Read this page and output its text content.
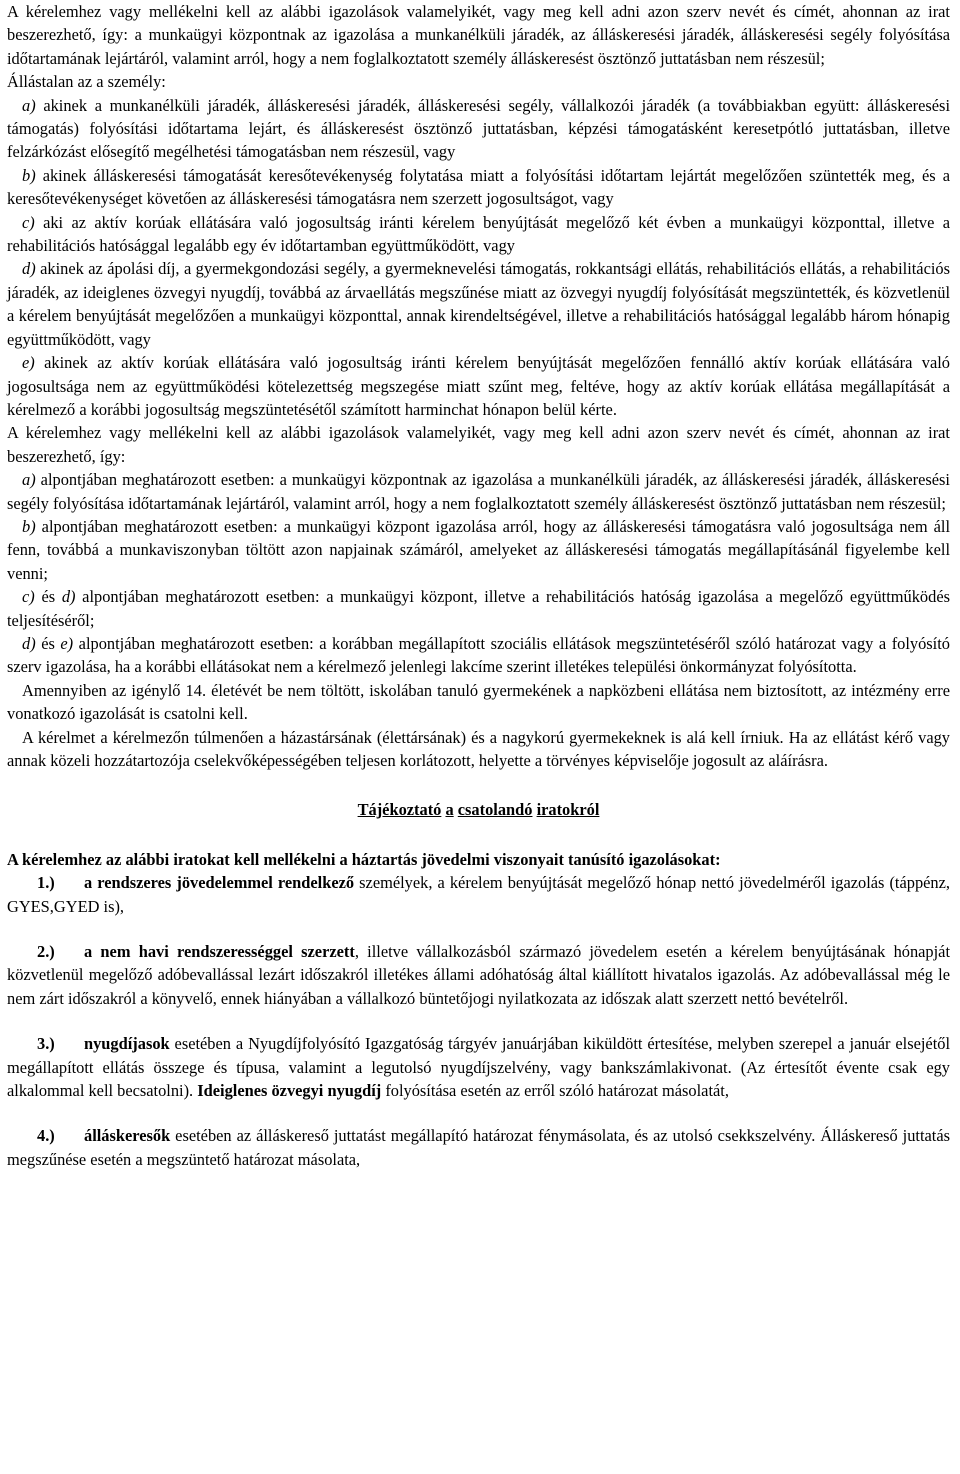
A kérelemhez vagy mellékelni kell az alábbi igazolások valamelyikét, vagy meg kell adni azon szerv nevét és címét, ahonnan az irat beszerezhető, így: a munkaügyi központnak az igazolása a munkanélküli járadék, az álláskeresési járadék, álláskeresési segély folyósítása időtartamának lejártáról, valamint arról, hogy a nem foglalkoztatott személy álláskeresést ösztönző juttatásban nem részesül;

Állástalan az a személy:

a) akinek a munkanélküli járadék, álláskeresési járadék, álláskeresési segély, vállalkozói járadék (a továbbiakban együtt: álláskeresési támogatás) folyósítási időtartama lejárt, és álláskeresést ösztönző juttatásban, képzési támogatásként keresetpótló juttatásban, illetve felzárkózást elősegítő megélhetési támogatásban nem részesül, vagy

b) akinek álláskeresési támogatását keresőtevékenység folytatása miatt a folyósítási időtartam lejártát megelőzően szüntették meg, és a keresőtevékenységet követően az álláskeresési támogatásra nem szerzett jogosultságot, vagy

c) aki az aktív korúak ellátására való jogosultság iránti kérelem benyújtását megelőző két évben a munkaügyi központtal, illetve a rehabilitációs hatósággal legalább egy év időtartamban együttműködött, vagy

d) akinek az ápolási díj, a gyermekgondozási segély, a gyermeknevelési támogatás, rokkantsági ellátás, rehabilitációs ellátás, a rehabilitációs járadék, az ideiglenes özvegyi nyugdíj, továbbá az árvaellátás megszűnése miatt az özvegyi nyugdíj folyósítását megszüntették, és közvetlenül a kérelem benyújtását megelőzően a munkaügyi központtal, annak kirendeltségével, illetve a rehabilitációs hatósággal legalább három hónapig együttműködött, vagy

e) akinek az aktív korúak ellátására való jogosultság iránti kérelem benyújtását megelőzően fennálló aktív korúak ellátására való jogosultsága nem az együttműködési kötelezettség megszegése miatt szűnt meg, feltéve, hogy az aktív korúak ellátása megállapítását a kérelmező a korábbi jogosultság megszüntetésétől számított harminchat hónapon belül kérte.

A kérelemhez vagy mellékelni kell az alábbi igazolások valamelyikét, vagy meg kell adni azon szerv nevét és címét, ahonnan az irat beszerezhető, így:

a) alpontjában meghatározott esetben: a munkaügyi központnak az igazolása a munkanélküli járadék, az álláskeresési járadék, álláskeresési segély folyósítása időtartamának lejártáról, valamint arról, hogy a nem foglalkoztatott személy álláskeresést ösztönző juttatásban nem részesül;

b) alpontjában meghatározott esetben: a munkaügyi központ igazolása arról, hogy az álláskeresési támogatásra való jogosultsága nem áll fenn, továbbá a munkaviszonyban töltött azon napjainak számáról, amelyeket az álláskeresési támogatás megállapításánál figyelembe kell venni;

c) és d) alpontjában meghatározott esetben: a munkaügyi központ, illetve a rehabilitációs hatóság igazolása a megelőző együttműködés teljesítéséről;

d) és e) alpontjában meghatározott esetben: a korábban megállapított szociális ellátások megszüntetéséről szóló határozat vagy a folyósító szerv igazolása, ha a korábbi ellátásokat nem a kérelmező jelenlegi lakcíme szerint illetékes települési önkormányzat folyósította.

Amennyiben az igénylő 14. életévét be nem töltött, iskolában tanuló gyermekének a napközbeni ellátása nem biztosított, az intézmény erre vonatkozó igazolását is csatolni kell.

A kérelmet a kérelmezőn túlmenően a házastársának (élettársának) és a nagykorú gyermekeknek is alá kell írniuk. Ha az ellátást kérő vagy annak közeli hozzátartozója cselekvőképességében teljesen korlátozott, helyette a törvényes képviselője jogosult az aláírásra.

Tájékoztató a csatolandó iratokról

A kérelemhez az alábbi iratokat kell mellékelni a háztartás jövedelmi viszonyait tanúsító igazolásokat:

1.) a rendszeres jövedelemmel rendelkező személyek, a kérelem benyújtását megelőző hónap nettó jövedelméről igazolás (táppénz, GYES,GYED is),

2.) a nem havi rendszerességgel szerzett, illetve vállalkozásból származó jövedelem esetén a kérelem benyújtásának hónapját közvetlenül megelőző adóbevallással lezárt időszakról illetékes állami adóhatóság által kiállított hivatalos igazolás. Az adóbevallással még le nem zárt időszakról a könyvelő, ennek hiányában a vállalkozó büntetőjogi nyilatkozata az időszak alatt szerzett nettó bevételről.

3.) nyugdíjasok esetében a Nyugdíjfolyósító Igazgatóság tárgyév januárjában kiküldött értesítése, melyben szerepel a január elsejétől megállapított ellátás összege és típusa, valamint a legutolsó nyugdíjszelvény, vagy bankszámlakivonat. (Az értesítőt évente csak egy alkalommal kell becsatolni). Ideiglenes özvegyi nyugdíj folyósítása esetén az erről szóló határozat másolatát,

4.) álláskeresők esetében az álláskereső juttatást megállapító határozat fénymásolata, és az utolsó csekkszelvény. Álláskereső juttatás megszűnése esetén a megszüntető határozat másolata,
